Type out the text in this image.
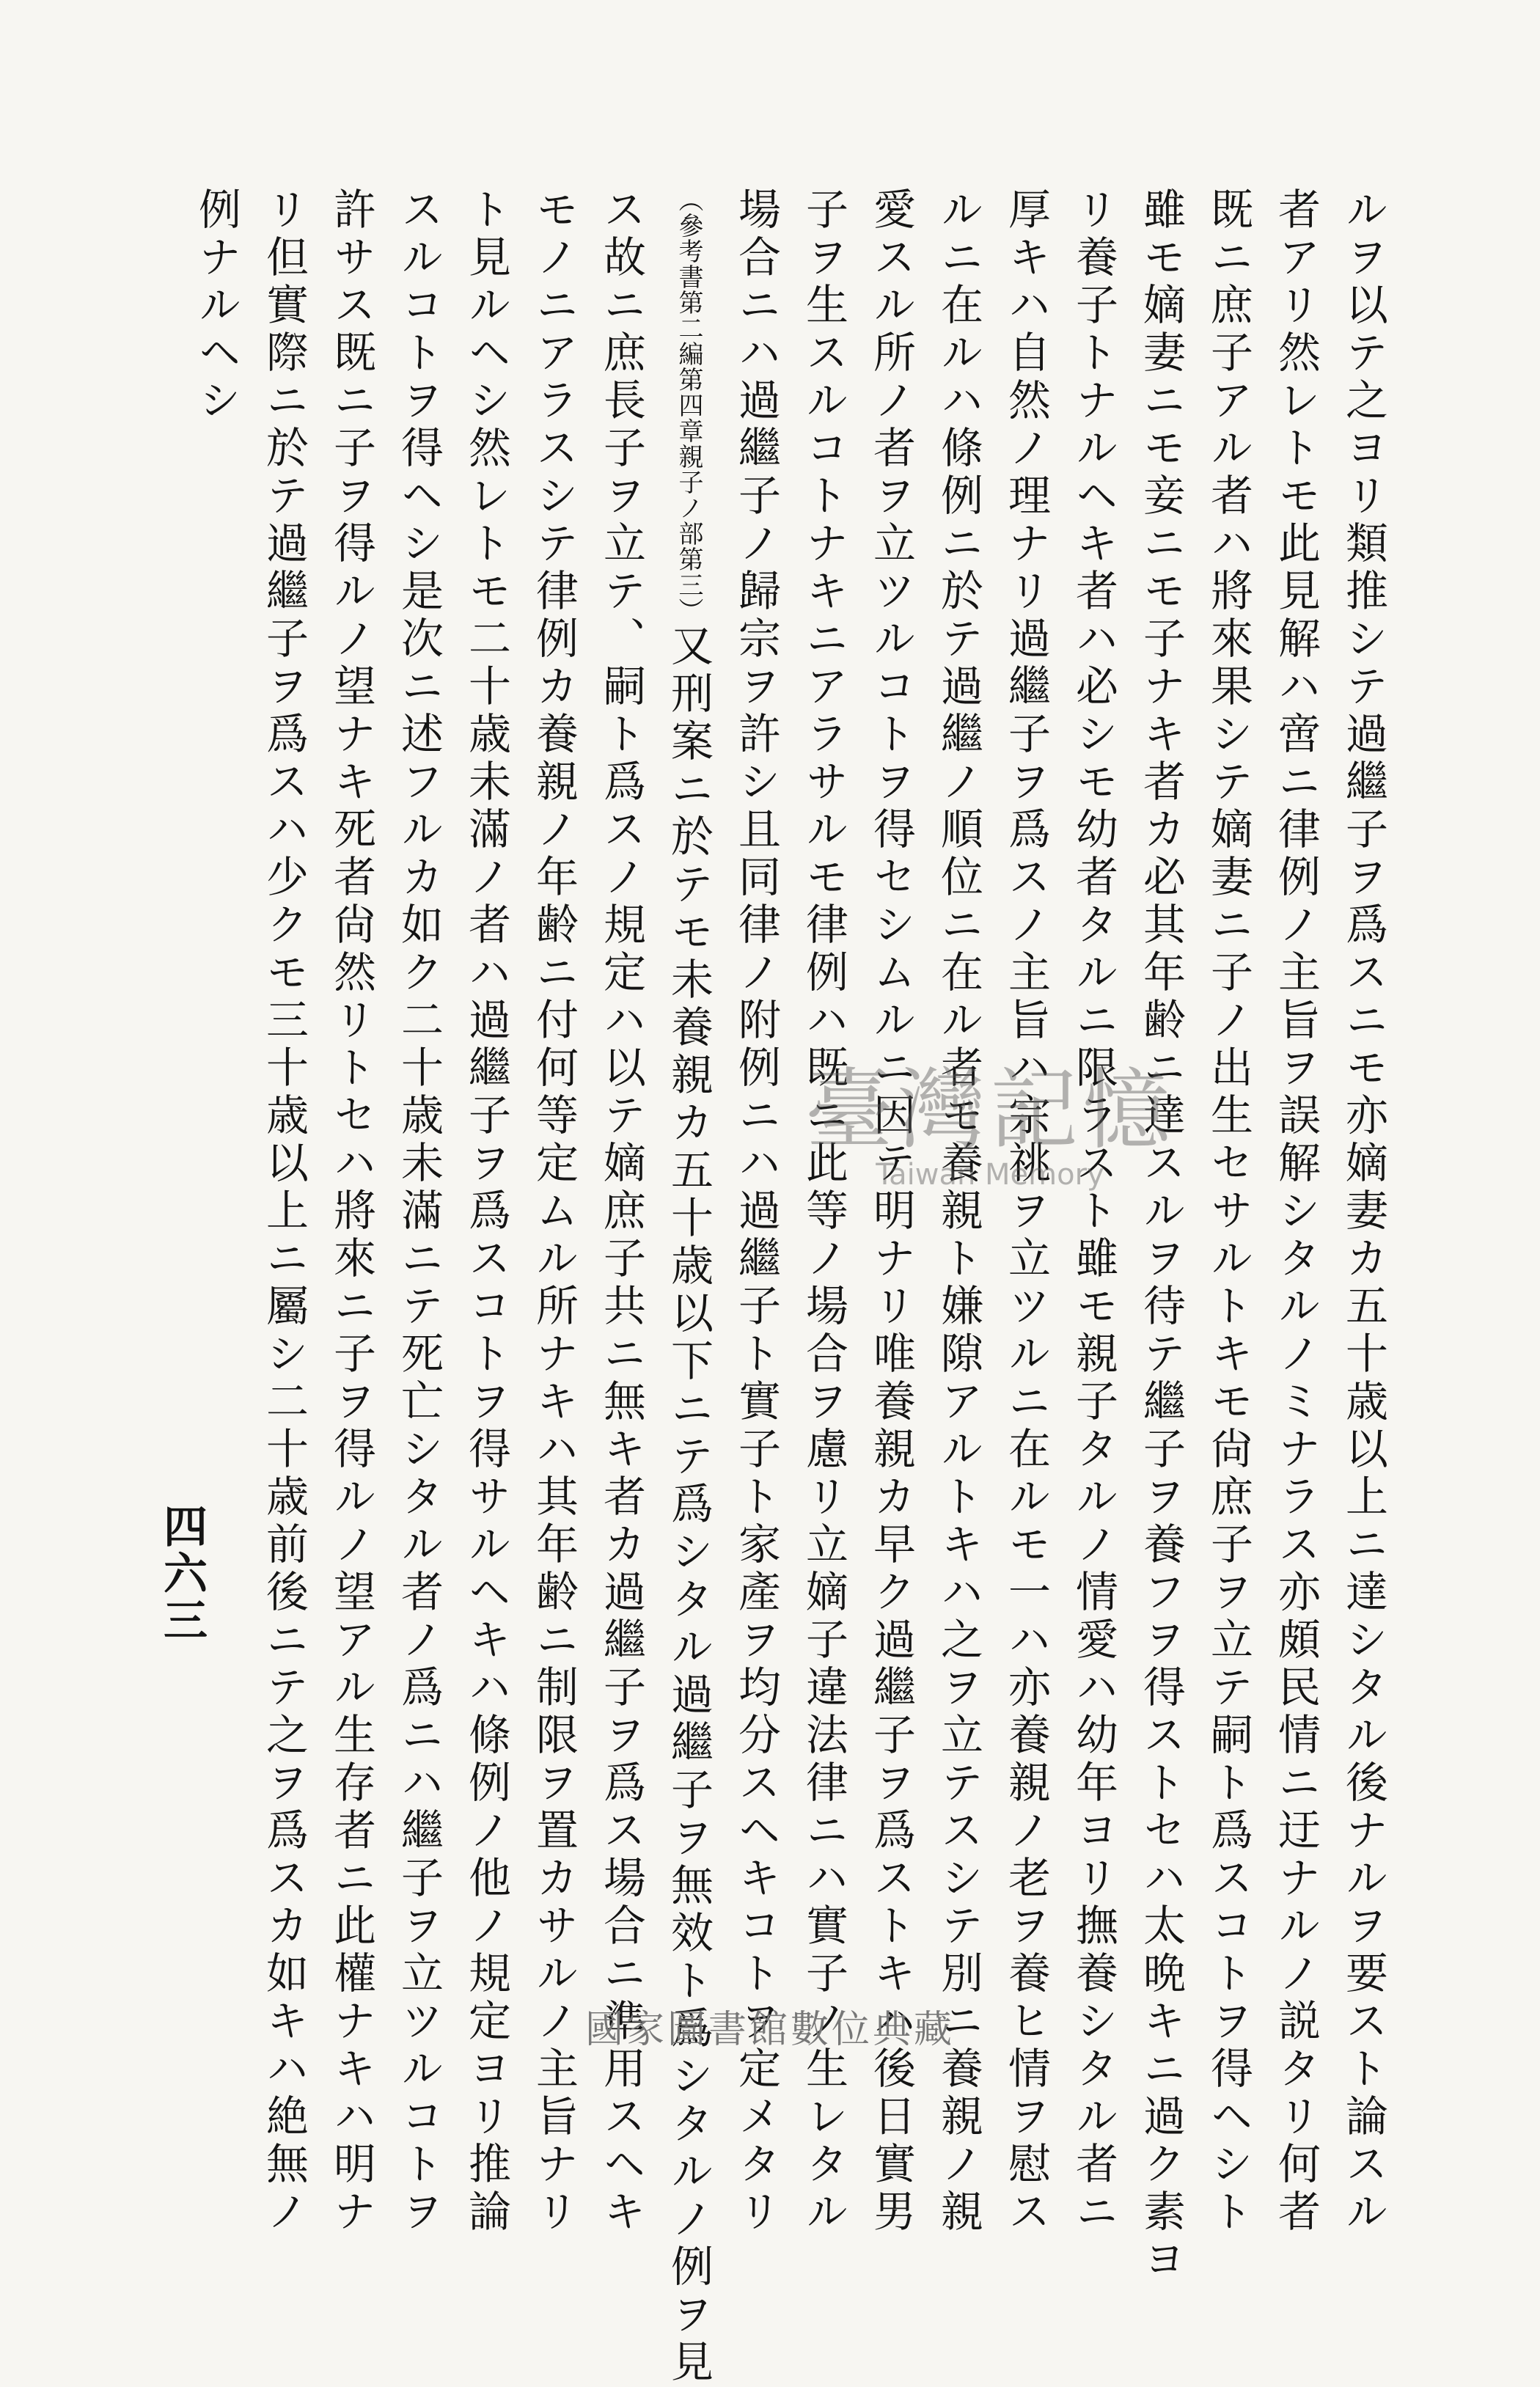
ルヲ以テ之ヨリ類推シテ過繼子ヲ爲スニモ亦嫡妻カ五十歳以上ニ達シタル後ナルヲ要スト論スル
者アリ然レトモ此見解ハ啻ニ律例ノ主旨ヲ誤解シタルノミナラス亦頗民情ニ迂ナルノ説タリ何者
既ニ庶子アル者ハ將來果シテ嫡妻ニ子ノ出生セサルトキモ尙庶子ヲ立テ嗣ト爲スコトヲ得ヘシト
雖モ嫡妻ニモ妾ニモ子ナキ者カ必其年齢ニ達スルヲ待テ繼子ヲ養フヲ得ストセハ太晩キニ過ク素ヨ
リ養子トナルヘキ者ハ必シモ幼者タルニ限ラスト雖モ親子タルノ情愛ハ幼年ヨリ撫養シタル者ニ
厚キハ自然ノ理ナリ過繼子ヲ爲スノ主旨ハ宗祧ヲ立ツルニ在ルモ一ハ亦養親ノ老ヲ養ヒ情ヲ慰ス
ルニ在ルハ條例ニ於テ過繼ノ順位ニ在ル者モ養親ト嫌隙アルトキハ之ヲ立テスシテ別ニ養親ノ親
愛スル所ノ者ヲ立ツルコトヲ得セシムルニ因テ明ナリ唯養親カ早ク過繼子ヲ爲ストキハ後日實男
子ヲ生スルコトナキニアラサルモ律例ハ既ニ此等ノ場合ヲ慮リ立嫡子違法律ニハ實子ノ生レタル
場合ニハ過繼子ノ歸宗ヲ許シ且同律ノ附例ニハ過繼子ト實子ト家產ヲ均分スヘキコトヲ定メタリ
（參考書第二編第四章親子ノ部第三）又刑案ニ於テモ未養親カ五十歳以下ニテ爲シタル過繼子ヲ無效ト爲シタルノ例ヲ見
ス故ニ庶長子ヲ立テ、嗣ト爲スノ規定ハ以テ嫡庶子共ニ無キ者カ過繼子ヲ爲ス場合ニ準用スヘキ
モノニアラスシテ律例カ養親ノ年齢ニ付何等定ムル所ナキハ其年齢ニ制限ヲ置カサルノ主旨ナリ
ト見ルヘシ然レトモ二十歳未滿ノ者ハ過繼子ヲ爲スコトヲ得サルヘキハ條例ノ他ノ規定ヨリ推論
スルコトヲ得ヘシ是次ニ述フルカ如ク二十歳未滿ニテ死亡シタル者ノ爲ニハ繼子ヲ立ツルコトヲ
許サス既ニ子ヲ得ルノ望ナキ死者尙然リトセハ將來ニ子ヲ得ルノ望アル生存者ニ此權ナキハ明ナ
リ但實際ニ於テ過繼子ヲ爲スハ少クモ三十歳以上ニ屬シ二十歳前後ニテ之ヲ爲スカ如キハ絶無ノ
例ナルヘシ
四六三
臺灣記憶
Taiwan Memory
國家圖書館數位典藏
